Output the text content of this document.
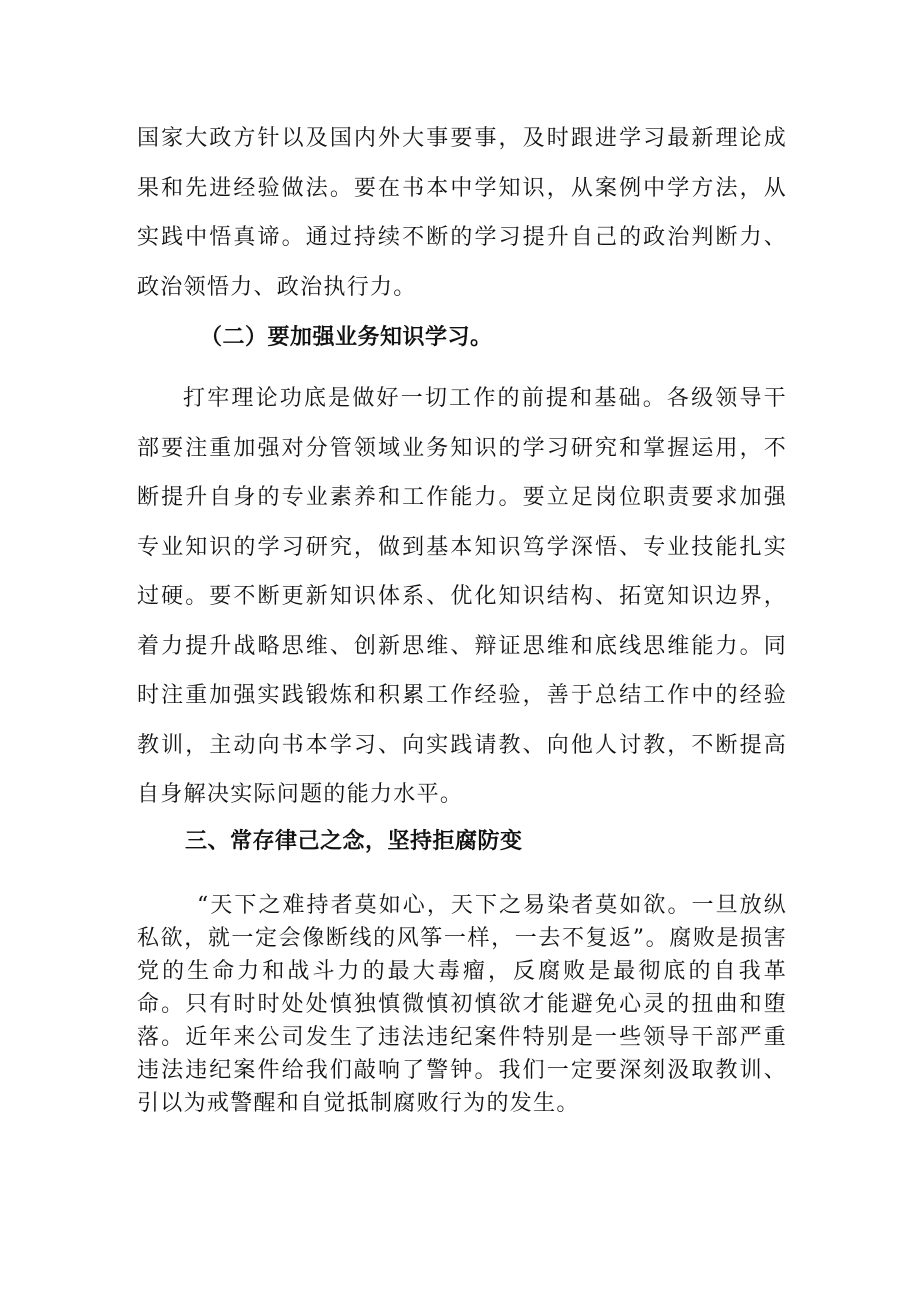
国家大政方针以及国内外大事要事，及时跟进学习最新理论成果和先进经验做法。要在书本中学知识，从案例中学方法，从实践中悟真谛。通过持续不断的学习提升自己的政治判断力、政治领悟力、政治执行力。

（二）要加强业务知识学习。

打牢理论功底是做好一切工作的前提和基础。各级领导干部要注重加强对分管领域业务知识的学习研究和掌握运用，不断提升自身的专业素养和工作能力。要立足岗位职责要求加强专业知识的学习研究，做到基本知识笃学深悟、专业技能扎实过硬。要不断更新知识体系、优化知识结构、拓宽知识边界，着力提升战略思维、创新思维、辩证思维和底线思维能力。同时注重加强实践锻炼和积累工作经验，善于总结工作中的经验教训，主动向书本学习、向实践请教、向他人讨教，不断提高自身解决实际问题的能力水平。

三、常存律己之念，坚持拒腐防变

“天下之难持者莫如心，天下之易染者莫如欲。一旦放纵私欲，就一定会像断线的风筝一样，一去不复返”。腐败是损害党的生命力和战斗力的最大毒瘤，反腐败是最彻底的自我革命。只有时时处处慎独慎微慎初慎欲才能避免心灵的扭曲和堕落。近年来公司发生了违法违纪案件特别是一些领导干部严重违法违纪案件给我们敲响了警钟。我们一定要深刻汲取教训、引以为戒警醒和自觉抵制腐败行为的发生。
